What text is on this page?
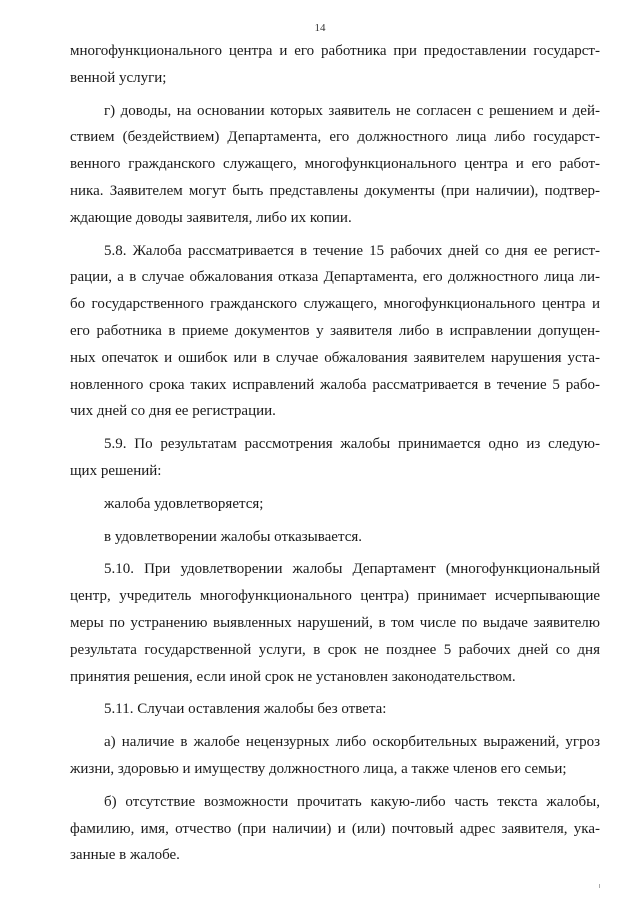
14
многофункционального центра и его работника при предоставлении государст-
венной услуги;
г) доводы, на основании которых заявитель не согласен с решением и дей-
ствием (бездействием) Департамента, его должностного лица либо государст-
венного гражданского служащего, многофункционального центра и его работ-
ника. Заявителем могут быть представлены документы (при наличии), подтвер-
ждающие доводы заявителя, либо их копии.
5.8. Жалоба рассматривается в течение 15 рабочих дней со дня ее регист-
рации, а в случае обжалования отказа Департамента, его должностного лица ли-
бо государственного гражданского служащего, многофункционального центра и
его работника в приеме документов у заявителя либо в исправлении допущен-
ных опечаток и ошибок или в случае обжалования заявителем нарушения уста-
новленного срока таких исправлений жалоба рассматривается в течение 5 рабо-
чих дней со дня ее регистрации.
5.9. По результатам рассмотрения жалобы принимается одно из следую-
щих решений:
жалоба удовлетворяется;
в удовлетворении жалобы отказывается.
5.10. При удовлетворении жалобы Департамент (многофункциональный
центр, учредитель многофункционального центра) принимает исчерпывающие
меры по устранению выявленных нарушений, в том числе по выдаче заявителю
результата государственной услуги, в срок не позднее 5 рабочих дней со дня
принятия решения, если иной срок не установлен законодательством.
5.11. Случаи оставления жалобы без ответа:
а) наличие в жалобе нецензурных либо оскорбительных выражений, угроз
жизни, здоровью и имуществу должностного лица, а также членов его семьи;
б) отсутствие возможности прочитать какую-либо часть текста жалобы,
фамилию, имя, отчество (при наличии) и (или) почтовый адрес заявителя, ука-
занные в жалобе.
